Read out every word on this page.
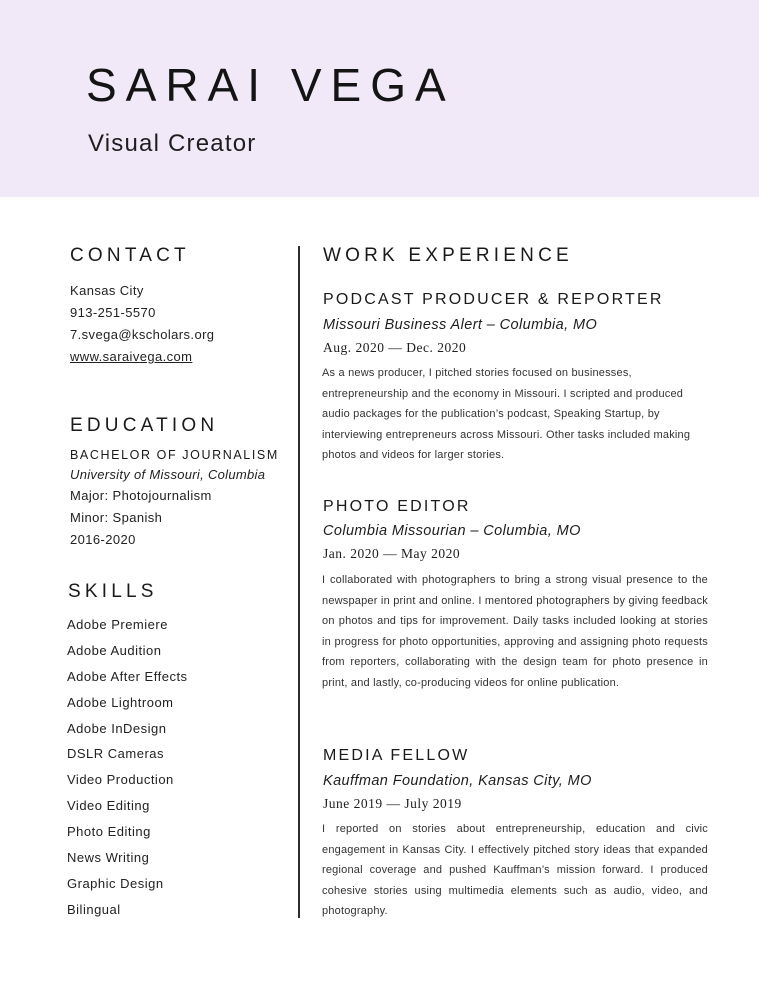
SARAI VEGA
Visual Creator
CONTACT
Kansas City
913-251-5570
7.svega@kscholars.org
www.saraivega.com
EDUCATION
BACHELOR OF JOURNALISM
University of Missouri, Columbia
Major: Photojournalism
Minor: Spanish
2016-2020
SKILLS
Adobe Premiere
Adobe Audition
Adobe After Effects
Adobe Lightroom
Adobe InDesign
DSLR Cameras
Video Production
Video Editing
Photo Editing
News Writing
Graphic Design
Bilingual
WORK EXPERIENCE
PODCAST PRODUCER & REPORTER
Missouri Business Alert – Columbia, MO
Aug. 2020 — Dec. 2020

As a news producer, I pitched stories focused on businesses, entrepreneurship and the economy in Missouri. I scripted and produced audio packages for the publication’s podcast, Speaking Startup, by interviewing entrepreneurs across Missouri. Other tasks included making photos and videos for larger stories.

PHOTO EDITOR
Columbia Missourian – Columbia, MO
Jan. 2020 — May 2020

I collaborated with photographers to bring a strong visual presence to the newspaper in print and online. I mentored photographers by giving feedback on photos and tips for improvement. Daily tasks included looking at stories in progress for photo opportunities, approving and assigning photo requests from reporters, collaborating with the design team for photo presence in print, and lastly, co-producing videos for online publication.

MEDIA FELLOW
Kauffman Foundation, Kansas City, MO
June 2019 — July 2019

I reported on stories about entrepreneurship, education and civic engagement in Kansas City. I effectively pitched story ideas that expanded regional coverage and pushed Kauffman’s mission forward. I produced cohesive stories using multimedia elements such as audio, video, and photography.
